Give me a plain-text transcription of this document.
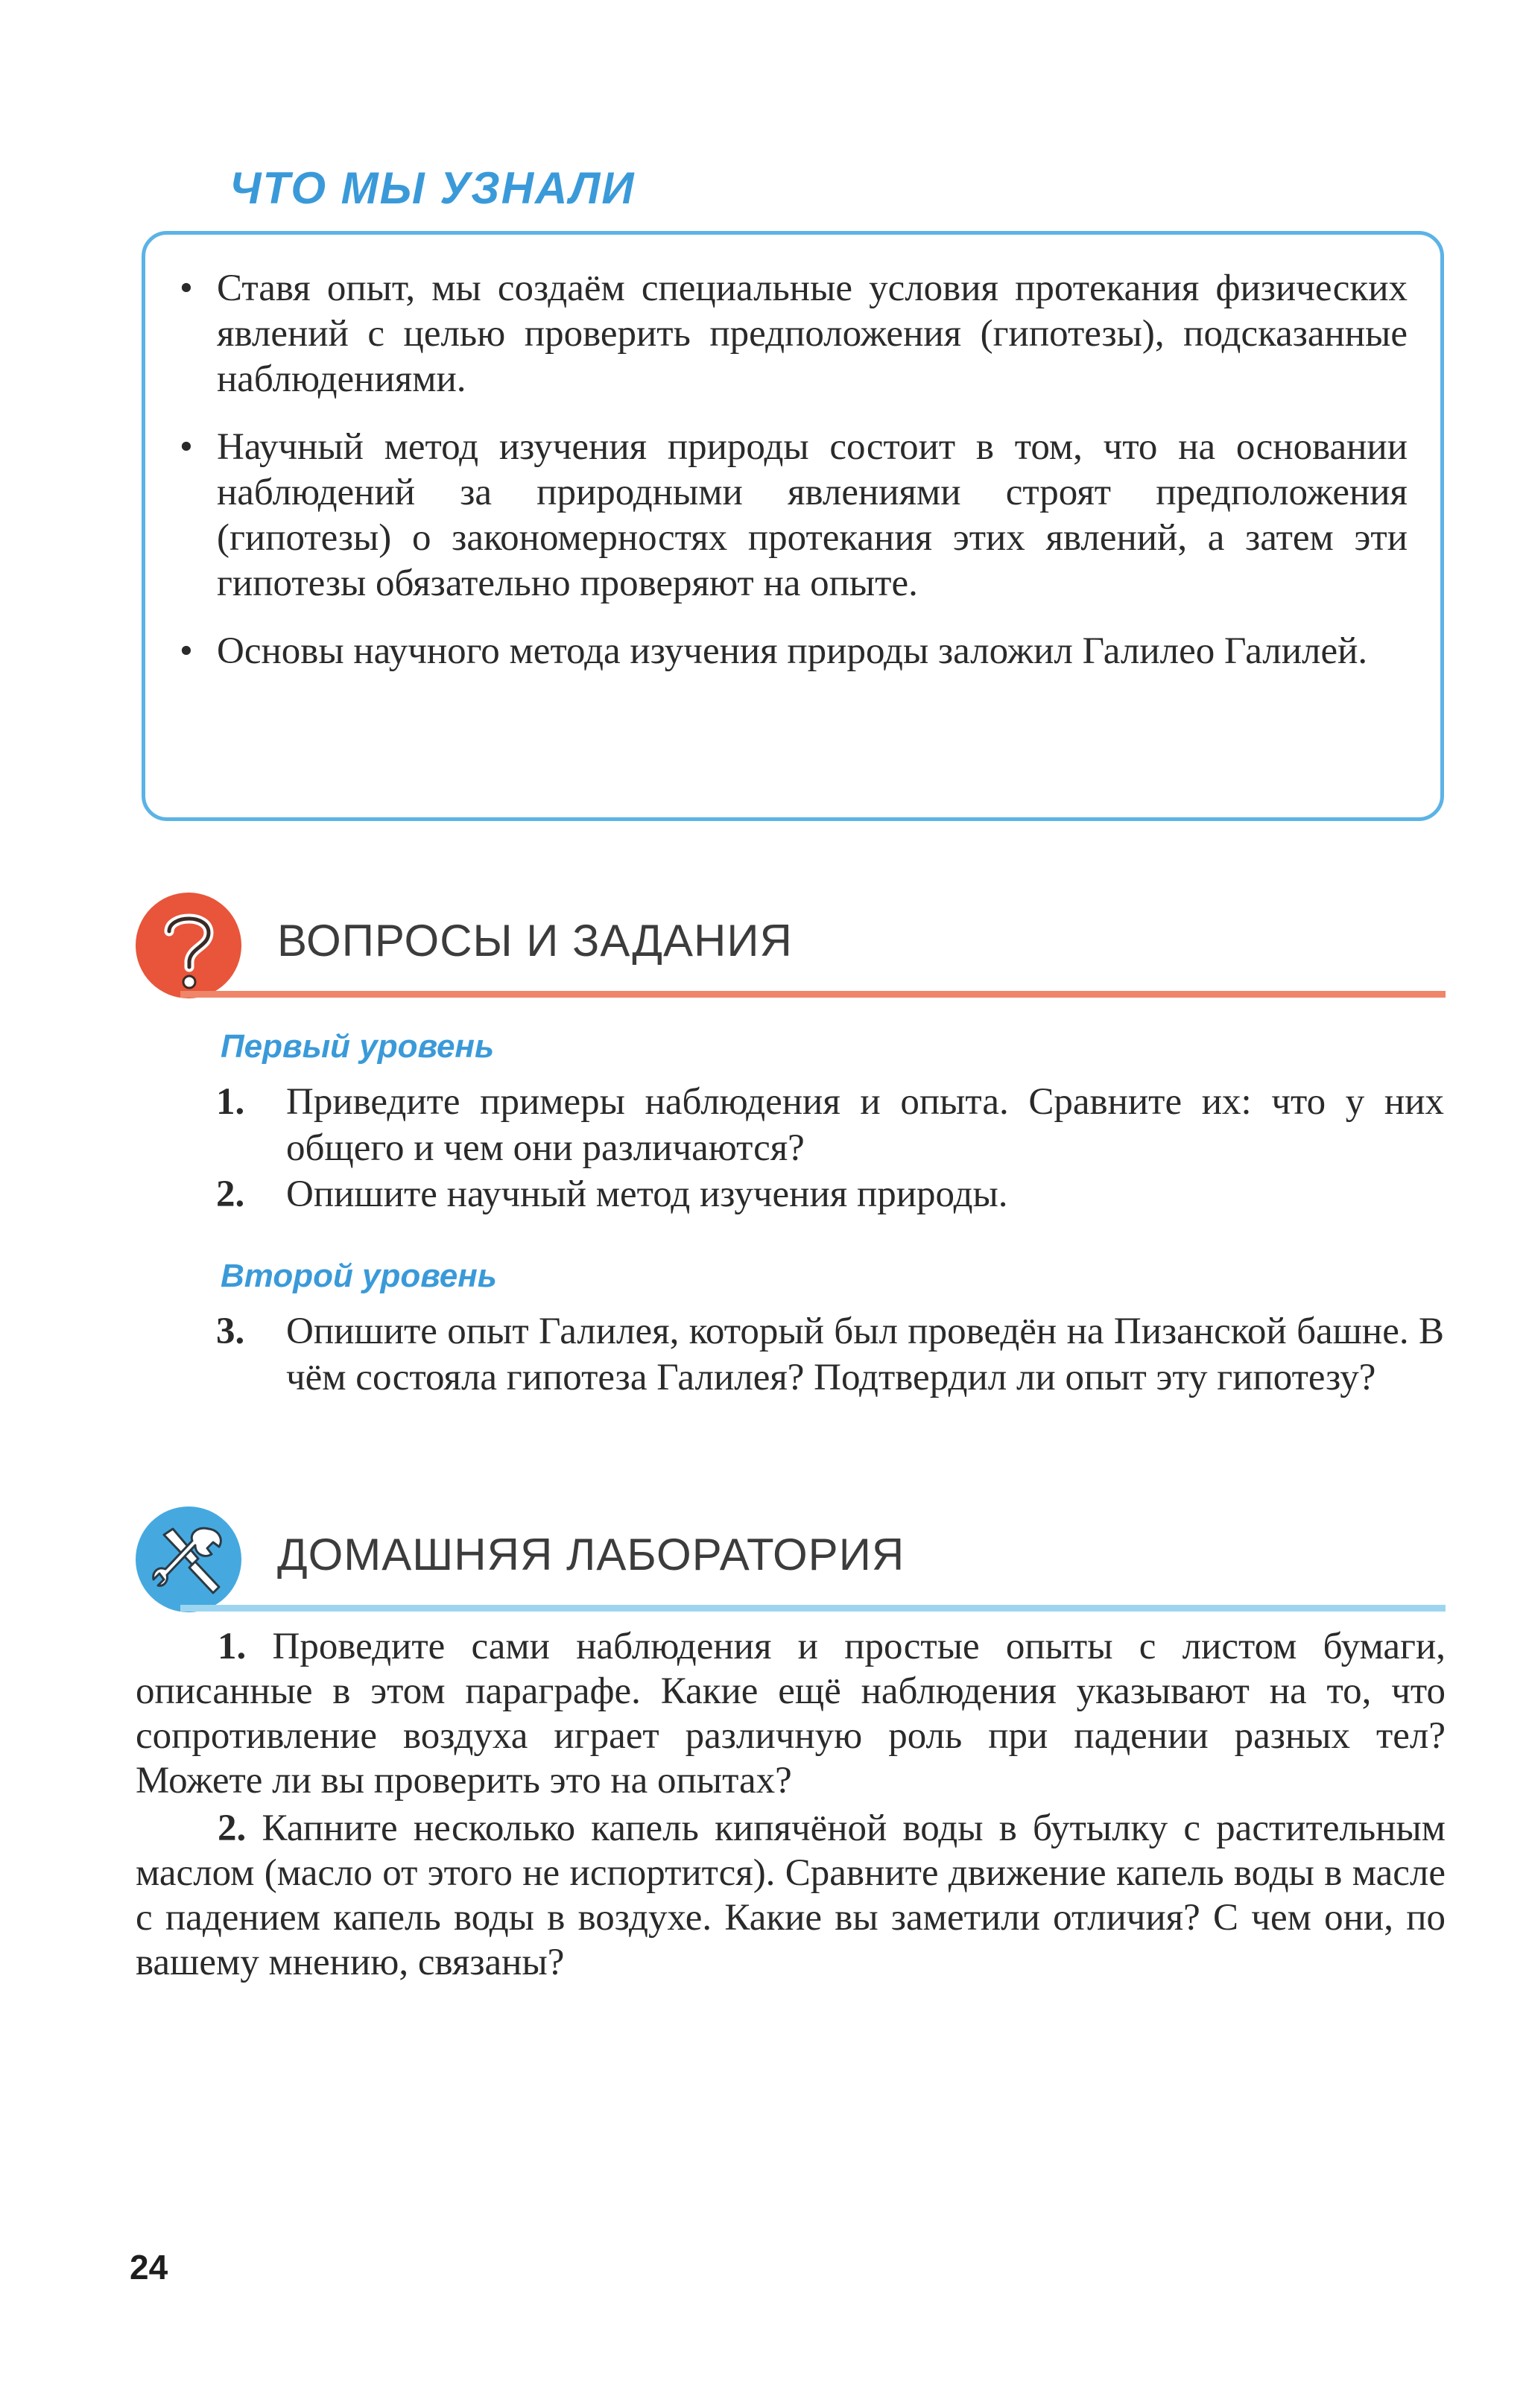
ЧТО МЫ УЗНАЛИ
• Ставя опыт, мы создаём специальные условия протекания физических явлений с целью проверить предположения (гипотезы), подсказанные наблюдениями.
• Научный метод изучения природы состоит в том, что на основании наблюдений за природными явлениями строят предположения (гипотезы) о закономерностях протекания этих явлений, а затем эти гипотезы обязательно проверяют на опыте.
• Основы научного метода изучения природы заложил Галилео Галилей.
ВОПРОСЫ И ЗАДАНИЯ
Первый уровень
1. Приведите примеры наблюдения и опыта. Сравните их: что у них общего и чем они различаются?
2. Опишите научный метод изучения природы.
Второй уровень
3. Опишите опыт Галилея, который был проведён на Пизанской башне. В чём состояла гипотеза Галилея? Подтвердил ли опыт эту гипотезу?
ДОМАШНЯЯ ЛАБОРАТОРИЯ

1. Проведите сами наблюдения и простые опыты с листом бумаги, описанные в этом параграфе. Какие ещё наблюдения указывают на то, что сопротивление воздуха играет различную роль при падении разных тел? Можете ли вы проверить это на опытах?

2. Капните несколько капель кипячёной воды в бутылку с растительным маслом (масло от этого не испортится). Сравните движение капель воды в масле с падением капель воды в воздухе. Какие вы заметили отличия? С чем они, по вашему мнению, связаны?

24
